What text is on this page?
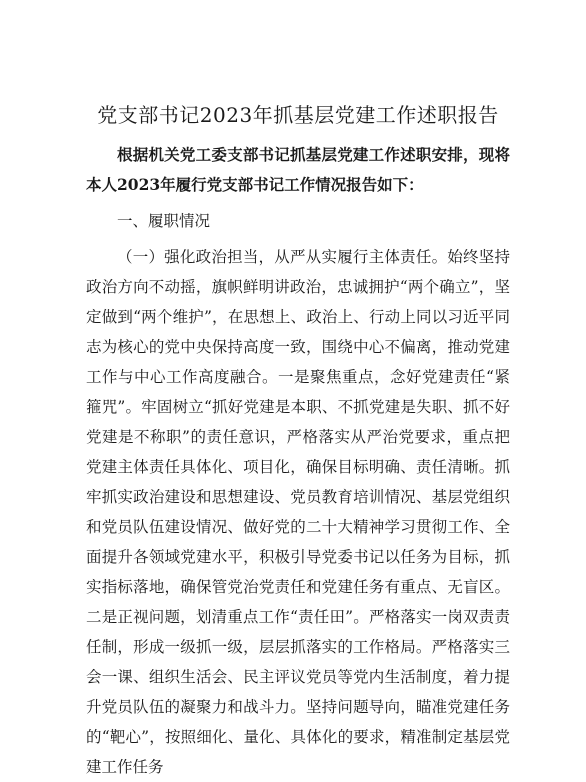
党支部书记2023年抓基层党建工作述职报告

根据机关党工委支部书记抓基层党建工作述职安排，现将本人2023年履行党支部书记工作情况报告如下：

一、履职情况

（一）强化政治担当，从严从实履行主体责任。始终坚持政治方向不动摇，旗帜鲜明讲政治，忠诚拥护“两个确立”，坚定做到“两个维护”，在思想上、政治上、行动上同以习近平同志为核心的党中央保持高度一致，围绕中心不偏离，推动党建工作与中心工作高度融合。一是聚焦重点，念好党建责任“紧箍咒”。牢固树立“抓好党建是本职、不抓党建是失职、抓不好党建是不称职”的责任意识，严格落实从严治党要求，重点把党建主体责任具体化、项目化，确保目标明确、责任清晰。抓牢抓实政治建设和思想建设、党员教育培训情况、基层党组织和党员队伍建设情况、做好党的二十大精神学习贯彻工作、全面提升各领域党建水平，积极引导党委书记以任务为目标，抓实指标落地，确保管党治党责任和党建任务有重点、无盲区。二是正视问题，划清重点工作“责任田”。严格落实一岗双责责任制，形成一级抓一级，层层抓落实的工作格局。严格落实三会一课、组织生活会、民主评议党员等党内生活制度，着力提升党员队伍的凝聚力和战斗力。坚持问题导向，瞄准党建任务的“靶心”，按照细化、量化、具体化的要求，精准制定基层党建工作任务
